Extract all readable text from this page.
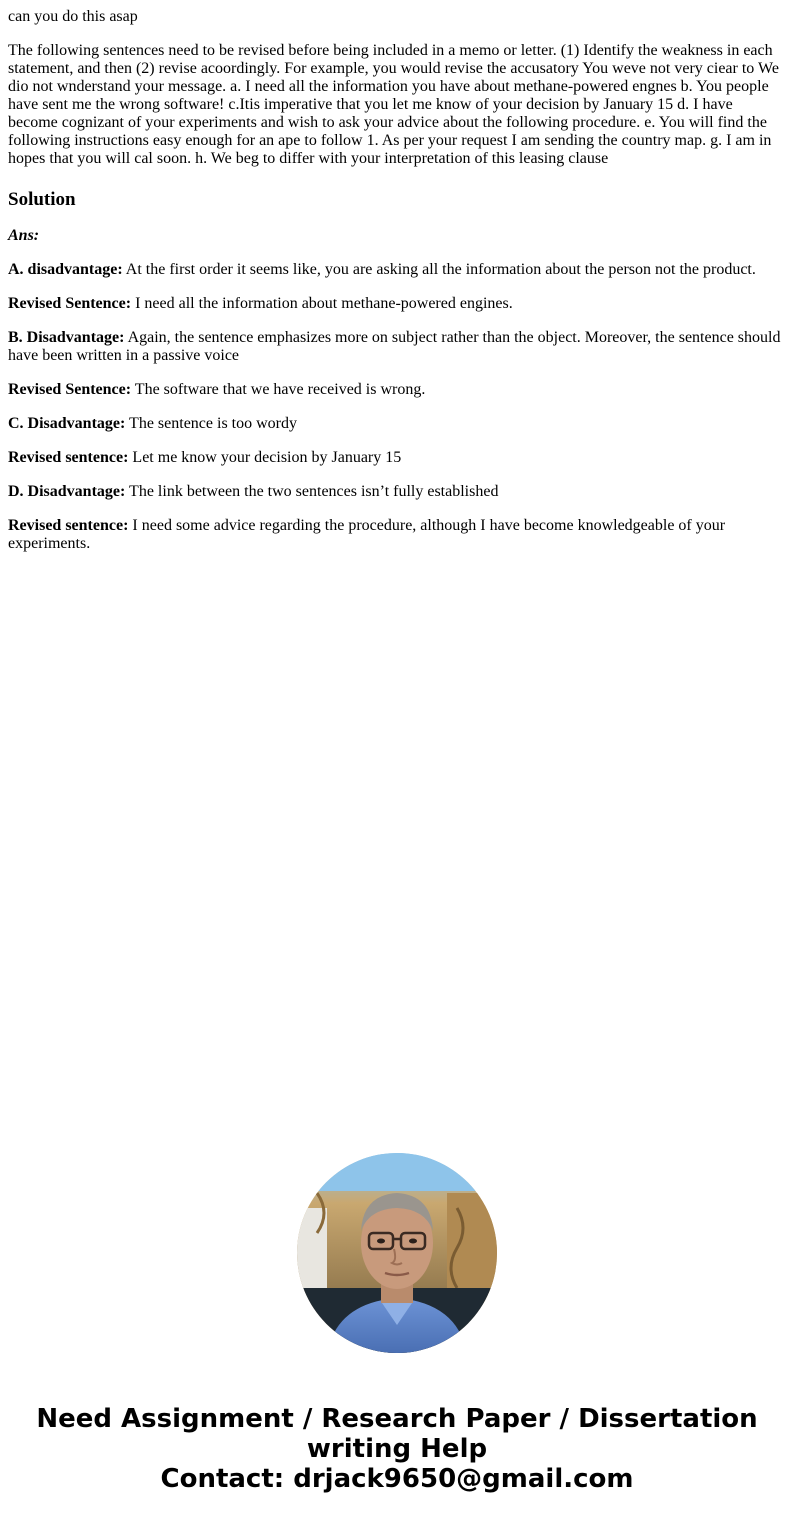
can you do this asap

The following sentences need to be revised before being included in a memo or letter. (1) Identify the weakness in each statement, and then (2) revise acoordingly. For example, you would revise the accusatory You weve not very ciear to We dio not wnderstand your message. a. I need all the information you have about methane-powered engnes b. You people have sent me the wrong software! c.Itis imperative that you let me know of your decision by January 15 d. I have become cognizant of your experiments and wish to ask your advice about the following procedure. e. You will find the following instructions easy enough for an ape to follow 1. As per your request I am sending the country map. g. I am in hopes that you will cal soon. h. We beg to differ with your interpretation of this leasing clause

Solution

Ans:

A. disadvantage: At the first order it seems like, you are asking all the information about the person not the product.

Revised Sentence: I need all the information about methane-powered engines.

B. Disadvantage: Again, the sentence emphasizes more on subject rather than the object. Moreover, the sentence should have been written in a passive voice

Revised Sentence: The software that we have received is wrong.

C. Disadvantage: The sentence is too wordy

Revised sentence: Let me know your decision by January 15

D. Disadvantage: The link between the two sentences isn’t fully established

Revised sentence: I need some advice regarding the procedure, although I have become knowledgeable of your experiments.

Need Assignment / Research Paper / Dissertation
writing Help
Contact: drjack9650@gmail.com
